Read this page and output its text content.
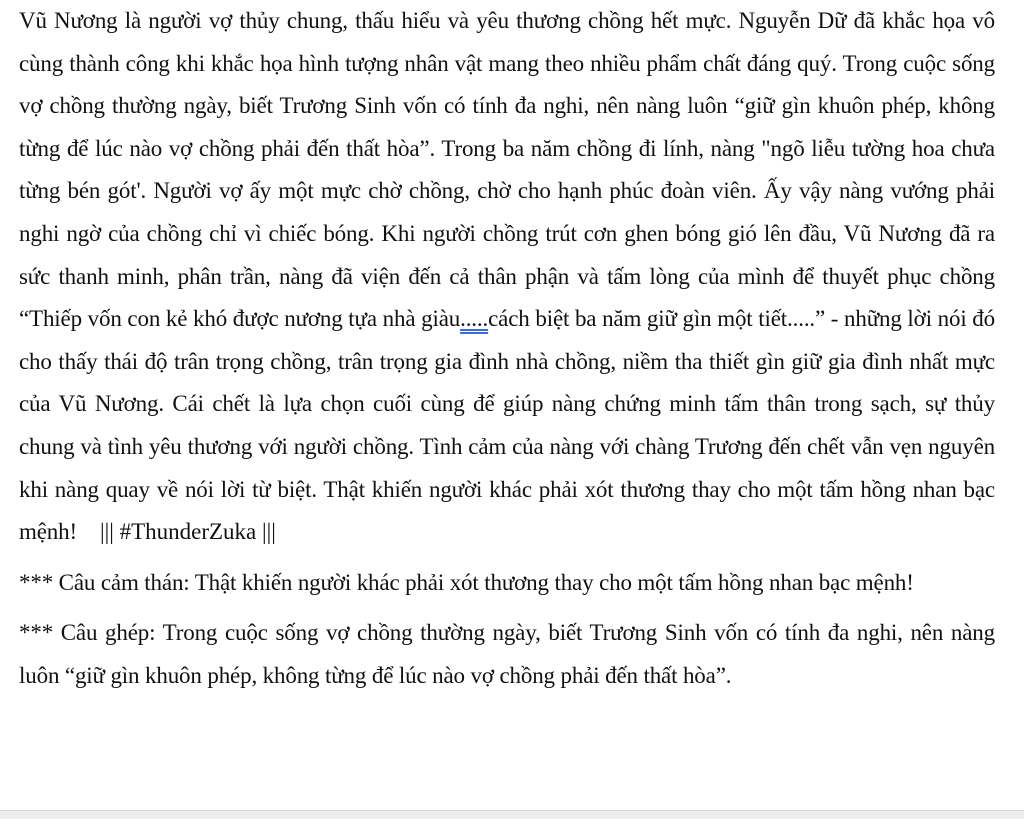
Vũ Nương là người vợ thủy chung, thấu hiểu và yêu thương chồng hết mực. Nguyễn Dữ đã khắc họa vô cùng thành công khi khắc họa hình tượng nhân vật mang theo nhiều phẩm chất đáng quý. Trong cuộc sống vợ chồng thường ngày, biết Trương Sinh vốn có tính đa nghi, nên nàng luôn “giữ gìn khuôn phép, không từng để lúc nào vợ chồng phải đến thất hòa”. Trong ba năm chồng đi lính, nàng "ngõ liễu tường hoa chưa từng bén gót'. Người vợ ấy một mực chờ chồng, chờ cho hạnh phúc đoàn viên. Ấy vậy nàng vướng phải nghi ngờ của chồng chỉ vì chiếc bóng. Khi người chồng trút cơn ghen bóng gió lên đầu, Vũ Nương đã ra sức thanh minh, phân trần, nàng đã viện đến cả thân phận và tấm lòng của mình để thuyết phục chồng “Thiếp vốn con kẻ khó được nương tựa nhà giàu.....cách biệt ba năm giữ gìn một tiết.....” - những lời nói đó cho thấy thái độ trân trọng chồng, trân trọng gia đình nhà chồng, niềm tha thiết gìn giữ gia đình nhất mực của Vũ Nương. Cái chết là lựa chọn cuối cùng để giúp nàng chứng minh tấm thân trong sạch, sự thủy chung và tình yêu thương với người chồng. Tình cảm của nàng với chàng Trương đến chết vẫn vẹn nguyên khi nàng quay về nói lời từ biệt. Thật khiến người khác phải xót thương thay cho một tấm hồng nhan bạc mệnh!    ||| #ThunderZuka |||

*** Câu cảm thán: Thật khiến người khác phải xót thương thay cho một tấm hồng nhan bạc mệnh!

*** Câu ghép: Trong cuộc sống vợ chồng thường ngày, biết Trương Sinh vốn có tính đa nghi, nên nàng luôn “giữ gìn khuôn phép, không từng để lúc nào vợ chồng phải đến thất hòa”.
